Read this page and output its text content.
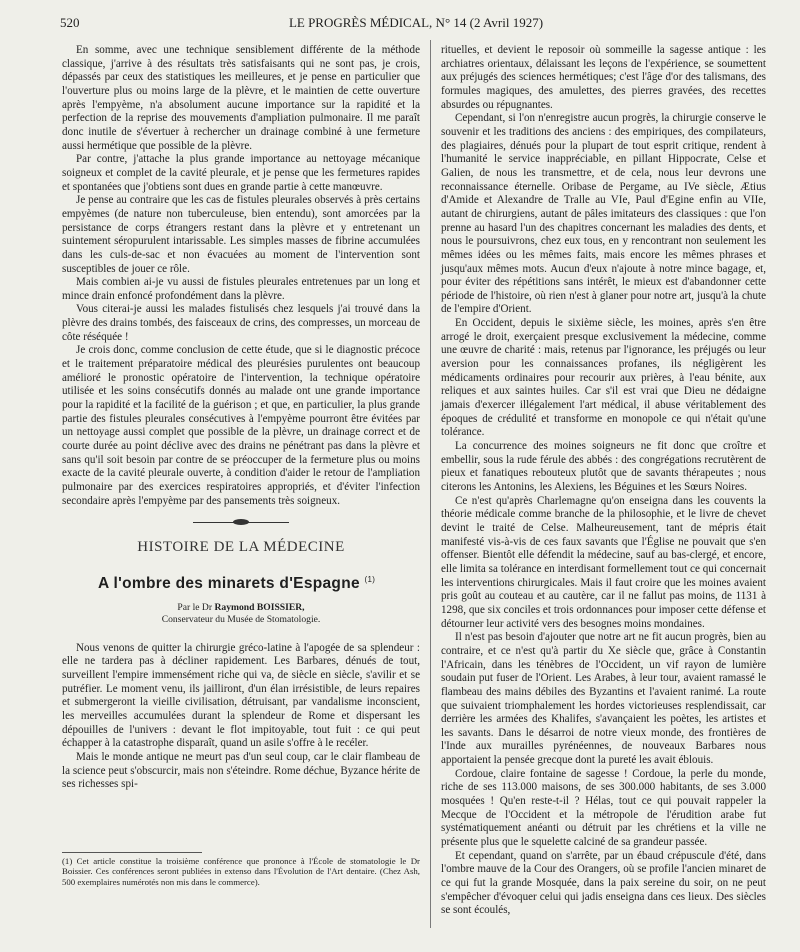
520	LE PROGRÈS MÉDICAL, N° 14 (2 Avril 1927)

En somme, avec une technique sensiblement différente de la méthode classique, j'arrive à des résultats très satisfaisants qui ne sont pas, je crois, dépassés par ceux des statistiques les meilleures, et je pense en particulier que l'ouverture plus ou moins large de la plèvre, et le maintien de cette ouverture après l'empyème, n'a absolument aucune importance sur la rapidité et la perfection de la reprise des mouvements d'ampliation pulmonaire. Il me paraît donc inutile de s'évertuer à rechercher un drainage combiné à une fermeture aussi hermétique que possible de la plèvre.

Par contre, j'attache la plus grande importance au nettoyage mécanique soigneux et complet de la cavité pleurale, et je pense que les fermetures rapides et spontanées que j'obtiens sont dues en grande partie à cette manœuvre.

Je pense au contraire que les cas de fistules pleurales observés à près certains empyèmes (de nature non tuberculeuse, bien entendu), sont amorcées par la persistance de corps étrangers restant dans la plèvre et y entretenant un suintement séropurulent intarissable. Les simples masses de fibrine accumulées dans les culs-de-sac et non évacuées au moment de l'intervention sont susceptibles de jouer ce rôle.

Mais combien ai-je vu aussi de fistules pleurales entretenues par un long et mince drain enfoncé profondément dans la plèvre.

Vous citerai-je aussi les malades fistulisés chez lesquels j'ai trouvé dans la plèvre des drains tombés, des faisceaux de crins, des compresses, un morceau de côte réséquée !

Je crois donc, comme conclusion de cette étude, que si le diagnostic précoce et le traitement préparatoire médical des pleurésies purulentes ont beaucoup amélioré le pronostic opératoire de l'intervention, la technique opératoire utilisée et les soins consécutifs donnés au malade ont une grande importance pour la rapidité et la facilité de la guérison ; et que, en particulier, la plus grande partie des fistules pleurales consécutives à l'empyème pourront être évitées par un nettoyage aussi complet que possible de la plèvre, un drainage correct et de courte durée au point déclive avec des drains ne pénétrant pas dans la plèvre et sans qu'il soit besoin par contre de se préoccuper de la fermeture plus ou moins exacte de la cavité pleurale ouverte, à condition d'aider le retour de l'ampliation pulmonaire par des exercices respiratoires appropriés, et d'éviter l'infection secondaire après l'empyème par des pansements très soigneux.

HISTOIRE DE LA MÉDECINE
A l'ombre des minarets d'Espagne $^{(1)}$
Par le Dr Raymond BOISSIER,
Conservateur du Musée de Stomatologie.

Nous venons de quitter la chirurgie gréco-latine à l'apogée de sa splendeur : elle ne tardera pas à décliner rapidement. Les Barbares, dénués de tout, surveillent l'empire immensément riche qui va, de siècle en siècle, s'avilir et se putréfier. Le moment venu, ils jailliront, d'un élan irrésistible, de leurs repaires et submergeront la vieille civilisation, détruisant, par vandalisme inconscient, les merveilles accumulées durant la splendeur de Rome et dispersant les dépouilles de l'univers : devant le flot impitoyable, tout fuit : ce qui peut échapper à la catastrophe disparaît, quand un asile s'offre à le recéler.

Mais le monde antique ne meurt pas d'un seul coup, car le clair flambeau de la science peut s'obscurcir, mais non s'éteindre. Rome déchue, Byzance hérite de ses richesses spi-

(1) Cet article constitue la troisième conférence que prononce à l'École de stomatologie le Dr Boissier. Ces conférences seront publiées in extenso dans l'Évolution de l'Art dentaire. (Chez Ash, 500 exemplaires numérotés non mis dans le commerce).

rituelles, et devient le reposoir où sommeille la sagesse antique : les archiatres orientaux, délaissant les leçons de l'expérience, se soumettent aux préjugés des sciences hermétiques; c'est l'âge d'or des talismans, des formules magiques, des amulettes, des pierres gravées, des recettes absurdes ou répugnantes.

Cependant, si l'on n'enregistre aucun progrès, la chirurgie conserve le souvenir et les traditions des anciens : des empiriques, des compilateurs, des plagiaires, dénués pour la plupart de tout esprit critique, rendent à l'humanité le service inappréciable, en pillant Hippocrate, Celse et Galien, de nous les transmettre, et de cela, nous leur devrons une reconnaissance éternelle. Oribase de Pergame, au IVe siècle, Ætius d'Amide et Alexandre de Tralle au VIe, Paul d'Egine enfin au VIIe, autant de chirurgiens, autant de pâles imitateurs des classiques : que l'on prenne au hasard l'un des chapitres concernant les maladies des dents, et nous le poursuivrons, chez eux tous, en y rencontrant non seulement les mêmes idées ou les mêmes faits, mais encore les mêmes phrases et jusqu'aux mêmes mots. Aucun d'eux n'ajoute à notre mince bagage, et, pour éviter des répétitions sans intérêt, le mieux est d'abandonner cette période de l'histoire, où rien n'est à glaner pour notre art, jusqu'à la chute de l'empire d'Orient.

En Occident, depuis le sixième siècle, les moines, après s'en être arrogé le droit, exerçaient presque exclusivement la médecine, comme une œuvre de charité : mais, retenus par l'ignorance, les préjugés ou leur aversion pour les connaissances profanes, ils négligèrent les médicaments ordinaires pour recourir aux prières, à l'eau bénite, aux reliques et aux saintes huiles. Car s'il est vrai que Dieu ne dédaigne jamais d'exercer illégalement l'art médical, il abuse véritablement des époques de crédulité et transforme en monopole ce qui n'était qu'une tolérance.

La concurrence des moines soigneurs ne fit donc que croître et embellir, sous la rude férule des abbés : des congrégations recrutèrent de pieux et fanatiques rebouteux plutôt que de savants thérapeutes ; nous citerons les Antonins, les Alexiens, les Béguines et les Sœurs Noires.

Ce n'est qu'après Charlemagne qu'on enseigna dans les couvents la théorie médicale comme branche de la philosophie, et le livre de chevet devint le traité de Celse. Malheureusement, tant de mépris était manifesté vis-à-vis de ces faux savants que l'Église ne pouvait que s'en offenser. Bientôt elle défendit la médecine, sauf au bas-clergé, et encore, elle limita sa tolérance en interdisant formellement tout ce qui concernait les interventions chirurgicales. Mais il faut croire que les moines avaient pris goût au couteau et au cautère, car il ne fallut pas moins, de 1131 à 1298, que six conciles et trois ordonnances pour imposer cette défense et détourner leur activité vers des besognes moins mondaines.

Il n'est pas besoin d'ajouter que notre art ne fit aucun progrès, bien au contraire, et ce n'est qu'à partir du Xe siècle que, grâce à Constantin l'Africain, dans les ténèbres de l'Occident, un vif rayon de lumière soudain put fuser de l'Orient. Les Arabes, à leur tour, avaient ramassé le flambeau des mains débiles des Byzantins et l'avaient ranimé. La route que suivaient triomphalement les hordes victorieuses resplendissait, car derrière les armées des Khalifes, s'avançaient les poètes, les artistes et les savants. Dans le désarroi de notre vieux monde, des frontières de l'Inde aux murailles pyrénéennes, de nouveaux Barbares nous apportaient la pensée grecque dont la pureté les avait éblouis.

Cordoue, claire fontaine de sagesse ! Cordoue, la perle du monde, riche de ses 113.000 maisons, de ses 300.000 habitants, de ses 3.000 mosquées ! Qu'en reste-t-il ? Hélas, tout ce qui pouvait rappeler la Mecque de l'Occident et la métropole de l'érudition arabe fut systématiquement anéanti ou détruit par les chrétiens et la ville ne présente plus que le squelette calciné de sa grandeur passée.

Et cependant, quand on s'arrête, par un ébaud crépuscule d'été, dans l'ombre mauve de la Cour des Orangers, où se profile l'ancien minaret de ce qui fut la grande Mosquée, dans la paix sereine du soir, on ne peut s'empêcher d'évoquer celui qui jadis enseigna dans ces lieux. Des siècles se sont écoulés,
